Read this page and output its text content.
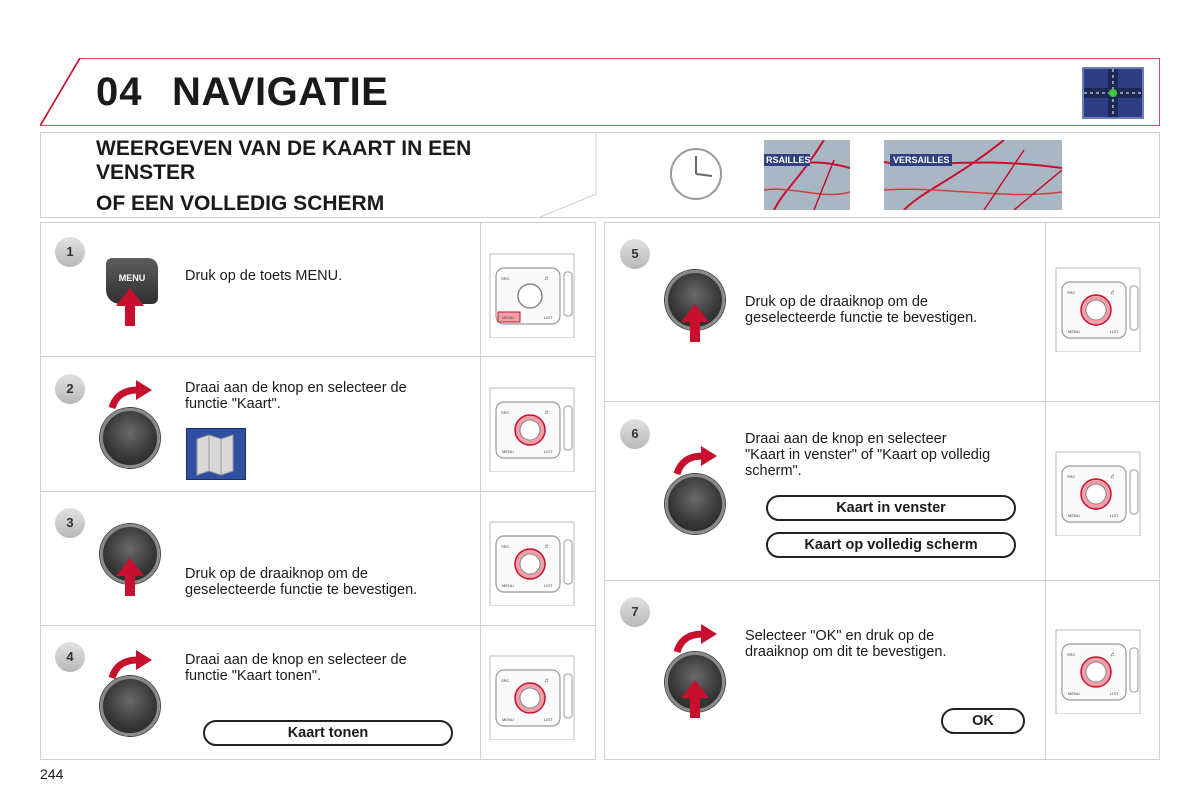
04 NAVIGATIE
WEERGEVEN VAN DE KAART IN EEN
VENSTER
OF EEN VOLLEDIG SCHERM
RSAILLES	VERSAILLES
1
MENU	Druk op de toets MENU.
2	Draai aan de knop en selecteer de
functie "Kaart".
3
Druk op de draaiknop om de
geselecteerde functie te bevestigen.
4	Draai aan de knop en selecteer de
functie "Kaart tonen".
Kaart tonen
5
Druk op de draaiknop om de
geselecteerde functie te bevestigen.
6	Draai aan de knop en selecteer
"Kaart in venster" of "Kaart op volledig
scherm".
Kaart in venster
Kaart op volledig scherm
7
Selecteer "OK" en druk op de
draaiknop om dit te bevestigen.
OK
SRC	♬
MENU	LIST
SRC	♬
MENU	LIST
SRC	♬
MENU	LIST
SRC	♬
MENU	LIST
SRC	♬
MENU	LIST
SRC	♬
MENU	LIST
SRC	♬
MENU	LIST
244
